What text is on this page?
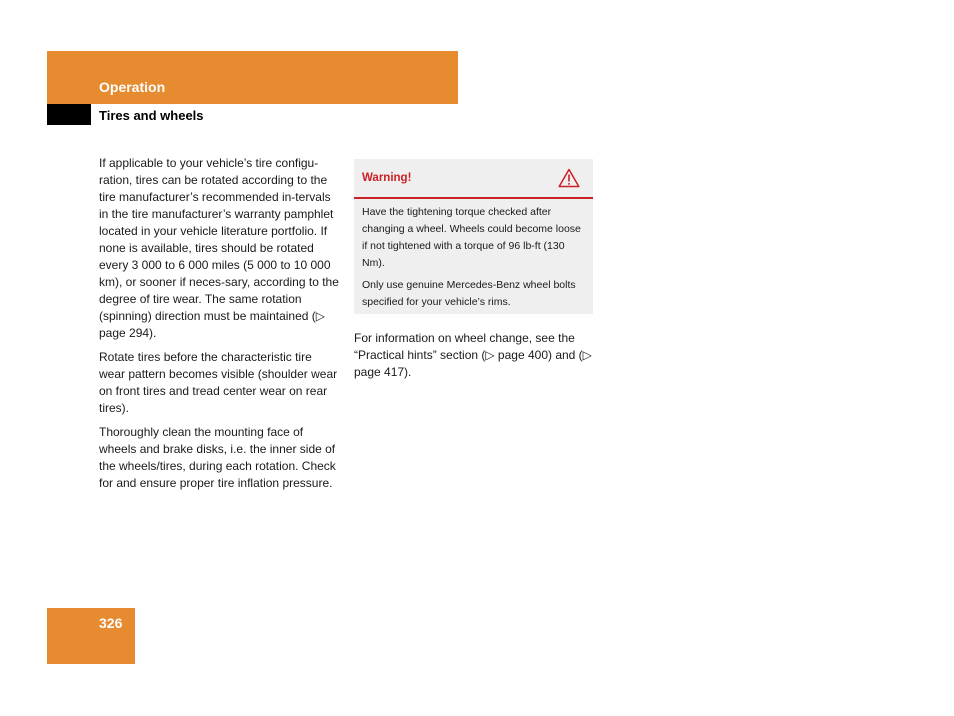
Operation
Tires and wheels

If applicable to your vehicle’s tire configu-ration, tires can be rotated according to the tire manufacturer’s recommended in-tervals in the tire manufacturer’s warranty pamphlet located in your vehicle literature portfolio. If none is available, tires should be rotated every 3 000 to 6 000 miles (5 000 to 10 000 km), or sooner if neces-sary, according to the degree of tire wear. The same rotation (spinning) direction must be maintained (▷ page 294).

Rotate tires before the characteristic tire wear pattern becomes visible (shoulder wear on front tires and tread center wear on rear tires).

Thoroughly clean the mounting face of wheels and brake disks, i.e. the inner side of the wheels/tires, during each rotation. Check for and ensure proper tire inflation pressure.

Warning!

Have the tightening torque checked after changing a wheel. Wheels could become loose if not tightened with a torque of 96 lb-ft (130 Nm).

Only use genuine Mercedes-Benz wheel bolts specified for your vehicle’s rims.

For information on wheel change, see the “Practical hints” section (▷ page 400) and (▷ page 417).

326
